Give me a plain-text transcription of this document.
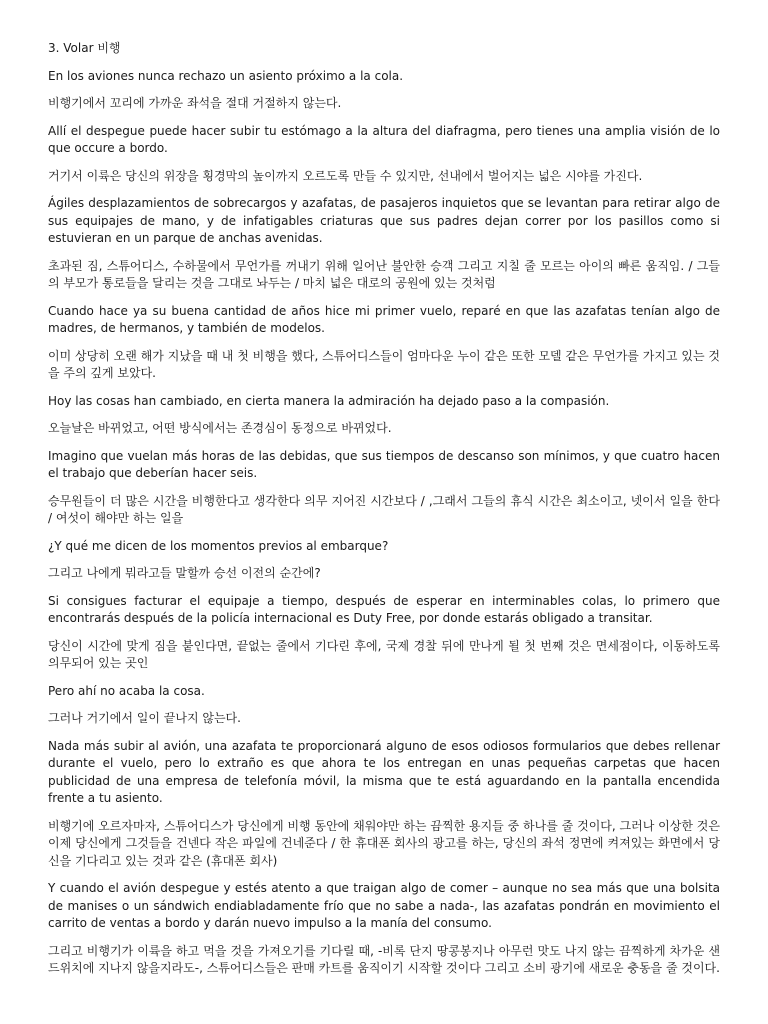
3. Volar 비행

En los aviones nunca rechazo un asiento próximo a la cola.

비행기에서 꼬리에 가까운 좌석을 절대 거절하지 않는다.

Allí el despegue puede hacer subir tu estómago a la altura del diafragma, pero tienes una amplia visión de lo que occure a bordo.

거기서 이륙은 당신의 위장을 횡경막의 높이까지 오르도록 만들 수 있지만, 선내에서 벌어지는 넓은 시야를 가진다.

Ágiles desplazamientos de sobrecargos y azafatas, de pasajeros inquietos que se levantan para retirar algo de sus equipajes de mano, y de infatigables criaturas que sus padres dejan correr por los pasillos como si estuvieran en un parque de anchas avenidas.

초과된 짐, 스튜어디스, 수하물에서 무언가를 꺼내기 위해 일어난 불안한 승객 그리고 지칠 줄 모르는 아이의 빠른 움직임. / 그들의 부모가 통로들을 달리는 것을 그대로 놔두는 / 마치 넓은 대로의 공원에 있는 것처럼

Cuando hace ya su buena cantidad de años hice mi primer vuelo, reparé en que las azafatas tenían algo de madres, de hermanos, y también de modelos.

이미 상당히 오랜 해가 지났을 때 내 첫 비행을 했다, 스튜어디스들이 엄마다운 누이 같은 또한 모델 같은 무언가를 가지고 있는 것을 주의 깊게 보았다.

Hoy las cosas han cambiado, en cierta manera la admiración ha dejado paso a la compasión.

오늘날은 바뀌었고, 어떤 방식에서는 존경심이 동정으로 바뀌었다.

Imagino que vuelan más horas de las debidas, que sus tiempos de descanso son mínimos, y que cuatro hacen el trabajo que deberían hacer seis.

승무원들이 더 많은 시간을 비행한다고 생각한다 의무 지어진 시간보다 / ,그래서 그들의 휴식 시간은 최소이고, 넷이서 일을 한다 / 여섯이 해야만 하는 일을

¿Y qué me dicen de los momentos previos al embarque?

그리고 나에게 뭐라고들 말할까 승선 이전의 순간에?

Si consigues facturar el equipaje a tiempo, después de esperar en interminables colas, lo primero que encontrarás después de la policía internacional es Duty Free, por donde estarás obligado a transitar.

당신이 시간에 맞게 짐을 붙인다면, 끝없는 줄에서 기다린 후에, 국제 경찰 뒤에 만나게 될 첫 번째 것은 면세점이다, 이동하도록 의무되어 있는 곳인

Pero ahí no acaba la cosa.

그러나 거기에서 일이 끝나지 않는다.

Nada más subir al avión, una azafata te proporcionará alguno de esos odiosos formularios que debes rellenar durante el vuelo, pero lo extraño es que ahora te los entregan en unas pequeñas carpetas que hacen publicidad de una empresa de telefonía móvil, la misma que te está aguardando en la pantalla encendida frente a tu asiento.

비행기에 오르자마자, 스튜어디스가 당신에게 비행 동안에 채워야만 하는 끔찍한 용지들 중 하나를 줄 것이다, 그러나 이상한 것은 이제 당신에게 그것들을 건넨다 작은 파일에 건네준다 / 한 휴대폰 회사의 광고를 하는, 당신의 좌석 정면에 켜져있는 화면에서 당신을 기다리고 있는 것과 같은 (휴대폰 회사)

Y cuando el avión despegue y estés atento a que traigan algo de comer – aunque no sea más que una bolsita de manises o un sándwich endiabladamente frío que no sabe a nada-, las azafatas pondrán en movimiento el carrito de ventas a bordo y darán nuevo impulso a la manía del consumo.

그리고 비행기가 이륙을 하고 먹을 것을 가져오기를 기다릴 때, -비록 단지 땅콩봉지나 아무런 맛도 나지 않는 끔찍하게 차가운 샌드위치에 지나지 않을지라도-, 스튜어디스들은 판매 카트를 움직이기 시작할 것이다 그리고 소비 광기에 새로운 충동을 줄 것이다.
